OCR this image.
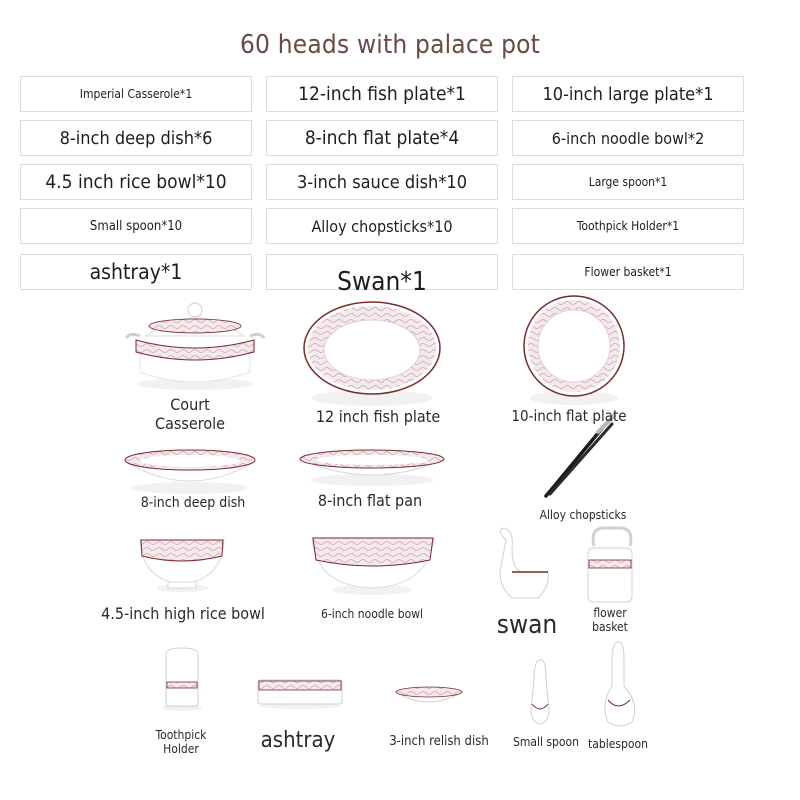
60 heads with palace pot
Imperial Casserole*1	12-inch fish plate*1	10-inch large plate*1
8-inch deep dish*6	8-inch flat plate*4	6-inch noodle bowl*2
4.5 inch rice bowl*10	3-inch sauce dish*10	Large spoon*1
Small spoon*10	Alloy chopsticks*10	Toothpick Holder*1
ashtray*1	Swan*1	Flower basket*1
Court
Casserole	12 inch fish plate	10-inch flat plate
8-inch deep dish	8-inch flat pan
Alloy chopsticks
4.5-inch high rice bowl	6-inch noodle bowl	swan	flower
basket
Toothpick
Holder	ashtray	3-inch relish dish	Small spoon tablespoon
